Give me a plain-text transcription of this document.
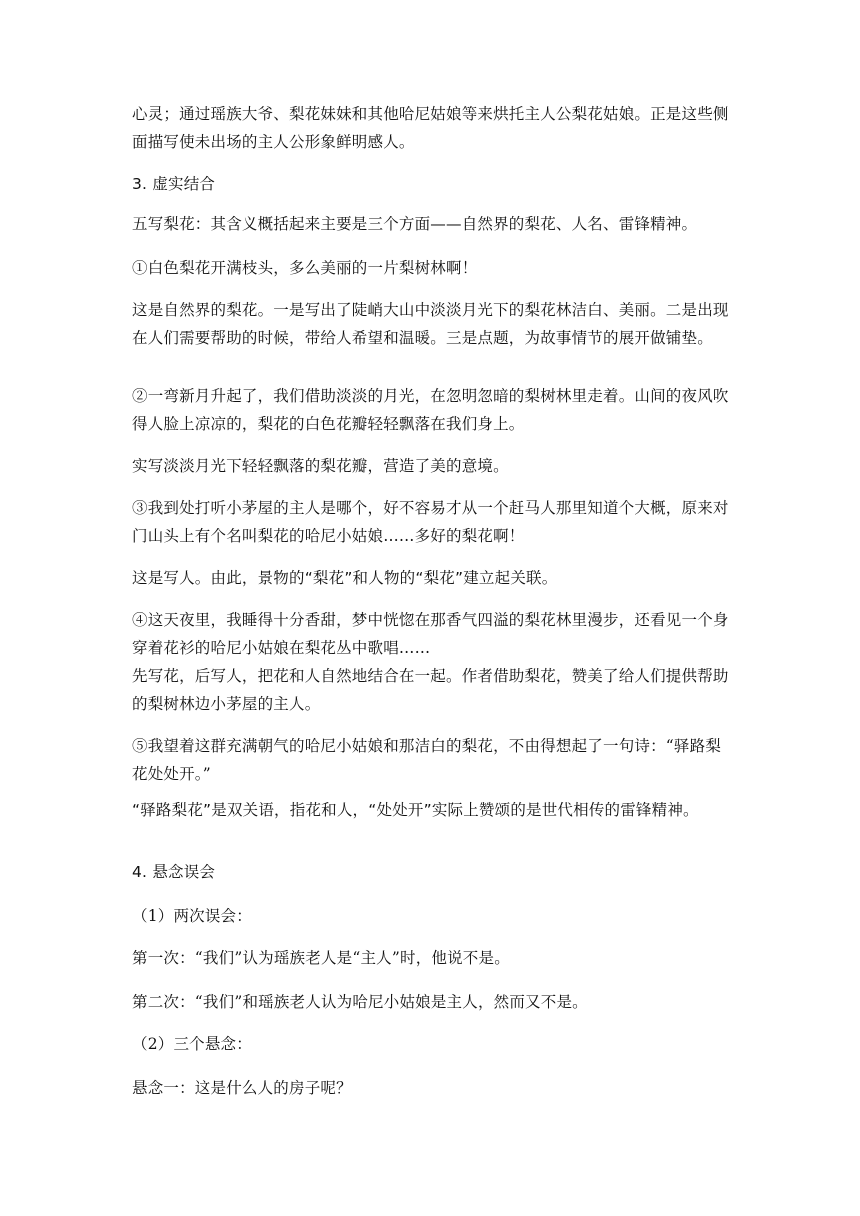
心灵；通过瑶族大爷、梨花妹妹和其他哈尼姑娘等来烘托主人公梨花姑娘。正是这些侧面描写使未出场的主人公形象鲜明感人。

3. 虚实结合

五写梨花：其含义概括起来主要是三个方面——自然界的梨花、人名、雷锋精神。

①白色梨花开满枝头，多么美丽的一片梨树林啊！

这是自然界的梨花。一是写出了陡峭大山中淡淡月光下的梨花林洁白、美丽。二是出现在人们需要帮助的时候，带给人希望和温暖。三是点题，为故事情节的展开做铺垫。

②一弯新月升起了，我们借助淡淡的月光，在忽明忽暗的梨树林里走着。山间的夜风吹得人脸上凉凉的，梨花的白色花瓣轻轻飘落在我们身上。

实写淡淡月光下轻轻飘落的梨花瓣，营造了美的意境。

③我到处打听小茅屋的主人是哪个，好不容易才从一个赶马人那里知道个大概，原来对门山头上有个名叫梨花的哈尼小姑娘……多好的梨花啊！

这是写人。由此，景物的“梨花”和人物的“梨花”建立起关联。

④这天夜里，我睡得十分香甜，梦中恍惚在那香气四溢的梨花林里漫步，还看见一个身穿着花衫的哈尼小姑娘在梨花丛中歌唱……

先写花，后写人，把花和人自然地结合在一起。作者借助梨花，赞美了给人们提供帮助的梨树林边小茅屋的主人。

⑤我望着这群充满朝气的哈尼小姑娘和那洁白的梨花，不由得想起了一句诗：“驿路梨花处处开。”

“驿路梨花”是双关语，指花和人，“处处开”实际上赞颂的是世代相传的雷锋精神。

4. 悬念误会

（1）两次误会：

第一次：“我们”认为瑶族老人是“主人”时，他说不是。

第二次：“我们”和瑶族老人认为哈尼小姑娘是主人，然而又不是。

（2）三个悬念：

悬念一：这是什么人的房子呢？
